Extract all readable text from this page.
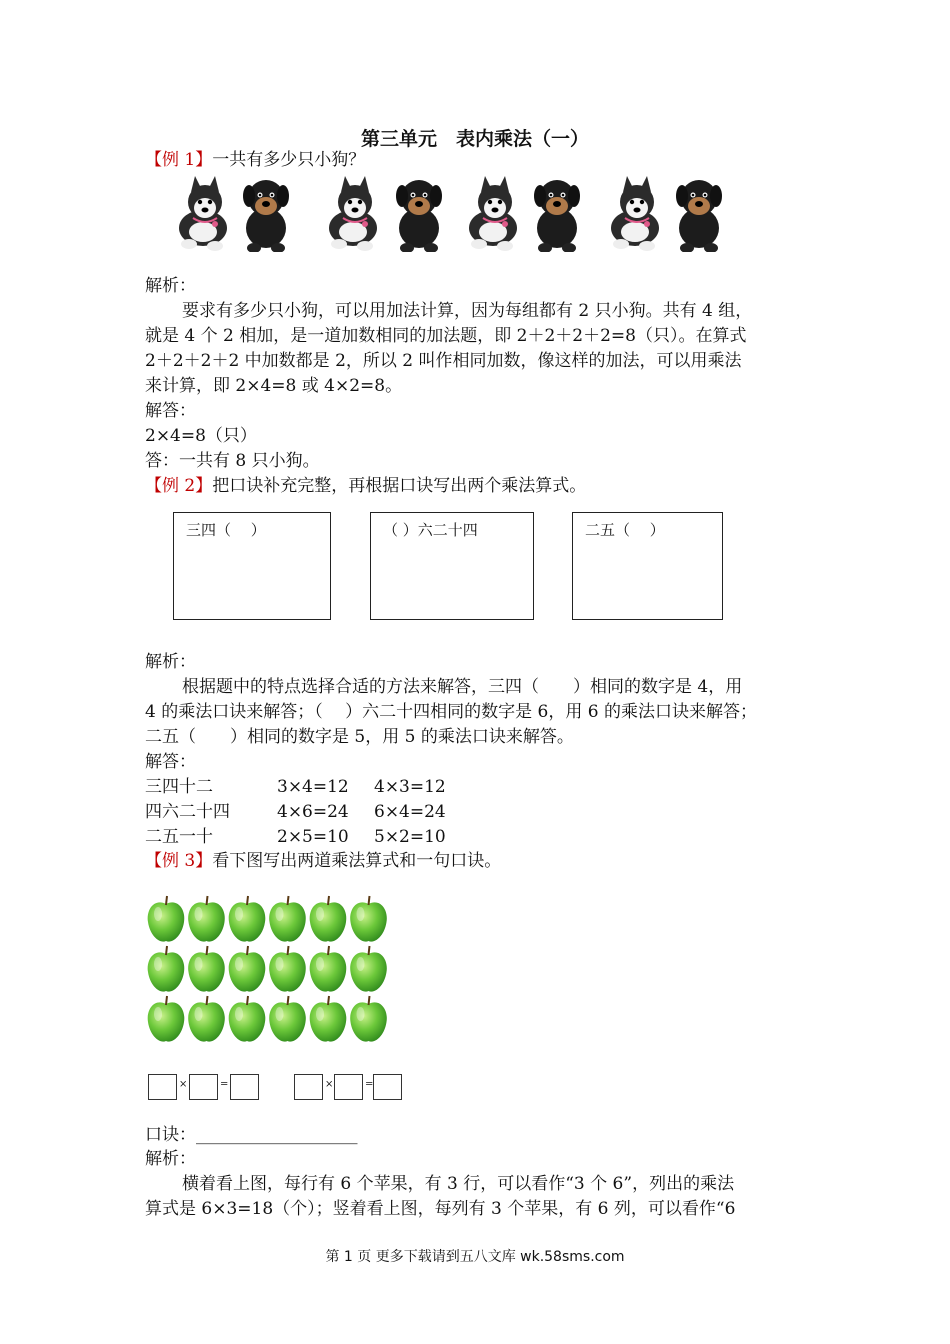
第三单元　表内乘法（一）
【例 1】一共有多少只小狗？
解析：
要求有多少只小狗，可以用加法计算，因为每组都有 2 只小狗。共有 4 组，
就是 4 个 2 相加，是一道加数相同的加法题，即 2＋2＋2＋2=8（只）。在算式
2＋2＋2＋2 中加数都是 2，所以 2 叫作相同加数，像这样的加法，可以用乘法
来计算，即 2×4=8 或 4×2=8。
解答：
2×4=8（只）
答：一共有 8 只小狗。
【例 2】把口诀补充完整，再根据口诀写出两个乘法算式。
三四（　 ）	（ ）六二十四	二五（　 ）
解析：
根据题中的特点选择合适的方法来解答，三四（　　）相同的数字是 4，用
4 的乘法口诀来解答；（　 ）六二十四相同的数字是 6，用 6 的乘法口诀来解答；
二五（　　）相同的数字是 5，用 5 的乘法口诀来解答。
解答：
三四十二	3×4=12 4×3=12
四六二十四	4×6=24 6×4=24
二五一十	2×5=10 5×2=10
【例 3】看下图写出两道乘法算式和一句口诀。
×	=	×	=
口诀：___________________
解析：
横着看上图，每行有 6 个苹果，有 3 行，可以看作“3 个 6”，列出的乘法
算式是 6×3=18（个）；竖着看上图，每列有 3 个苹果，有 6 列，可以看作“6
第 1 页 更多下载请到五八文库 wk.58sms.com
